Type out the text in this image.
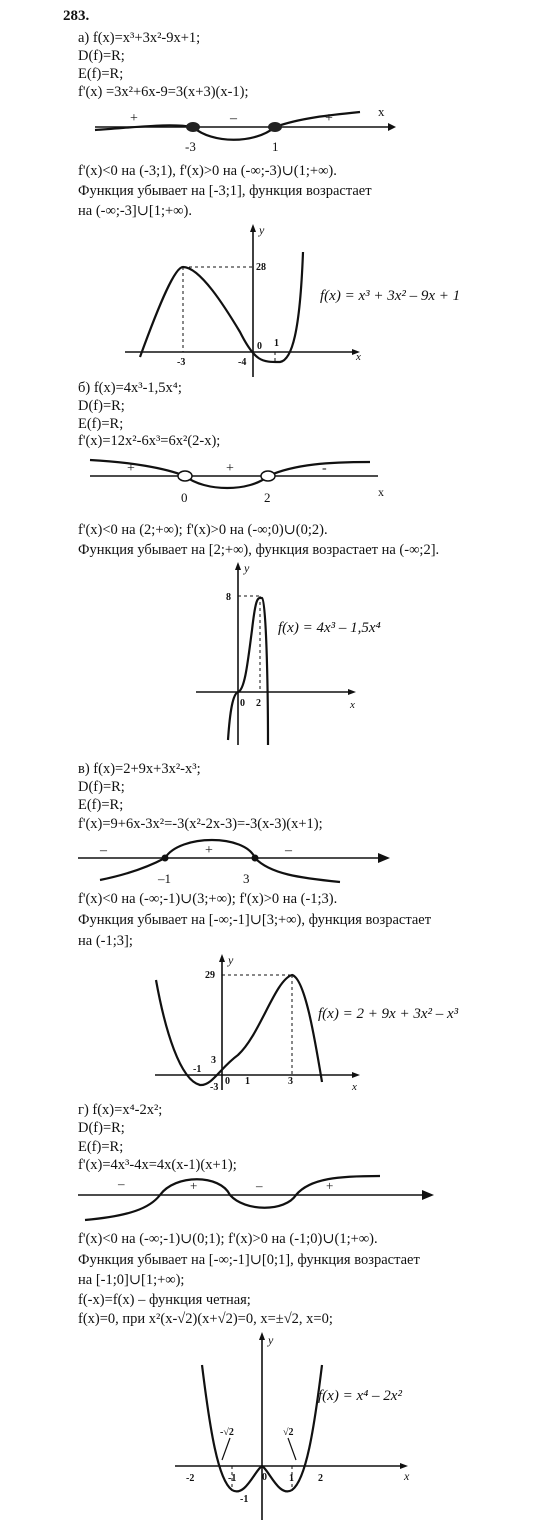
283.
а) f(x)=x³+3x²-9x+1;
D(f)=R;
E(f)=R;
f'(x) =3x²+6x-9=3(x+3)(x-1);
+	–	+
-3	1
x
f'(x)<0 на (-3;1), f'(x)>0 на (-∞;-3)∪(1;+∞).
Функция убывает на [-3;1], функция возрастает
на (-∞;-3]∪[1;+∞).
y
x
28
-3
0 1
-4
f(x) = x³ + 3x² – 9x + 1
б) f(x)=4x³-1,5x⁴;
D(f)=R;
E(f)=R;
f'(x)=12x²-6x³=6x²(2-x);
+	+	-
0	2	x
f'(x)<0 на (2;+∞); f'(x)>0 на (-∞;0)∪(0;2).
Функция убывает на [2;+∞), функция возрастает на (-∞;2].
y
x
8
0 2
f(x) = 4x³ – 1,5x⁴
в) f(x)=2+9x+3x²-x³;
D(f)=R;
E(f)=R;
f'(x)=9+6x-3x²=-3(x²-2x-3)=-3(x-3)(x+1);
–	+	–
–1	3
f'(x)<0 на (-∞;-1)∪(3;+∞); f'(x)>0 на (-1;3).
Функция убывает на [-∞;-1]∪[3;+∞), функция возрастает
на (-1;3];
y
x
29
3
-1
0 1	3
-3
f(x) = 2 + 9x + 3x² – x³
г) f(x)=x⁴-2x²;
D(f)=R;
E(f)=R;
f'(x)=4x³-4x=4x(x-1)(x+1);
–	+	–	+
f'(x)<0 на (-∞;-1)∪(0;1); f'(x)>0 на (-1;0)∪(1;+∞).
Функция убывает на [-∞;-1]∪[0;1], функция возрастает
на [-1;0]∪[1;+∞);
f(-x)=f(x) – функция четная;
f(x)=0, при x²(x-√2)(x+√2)=0, x=±√2, x=0;
y
x
-2	-1	0 1 2
-√2	√2
-1
f(x) = x⁴ – 2x²
